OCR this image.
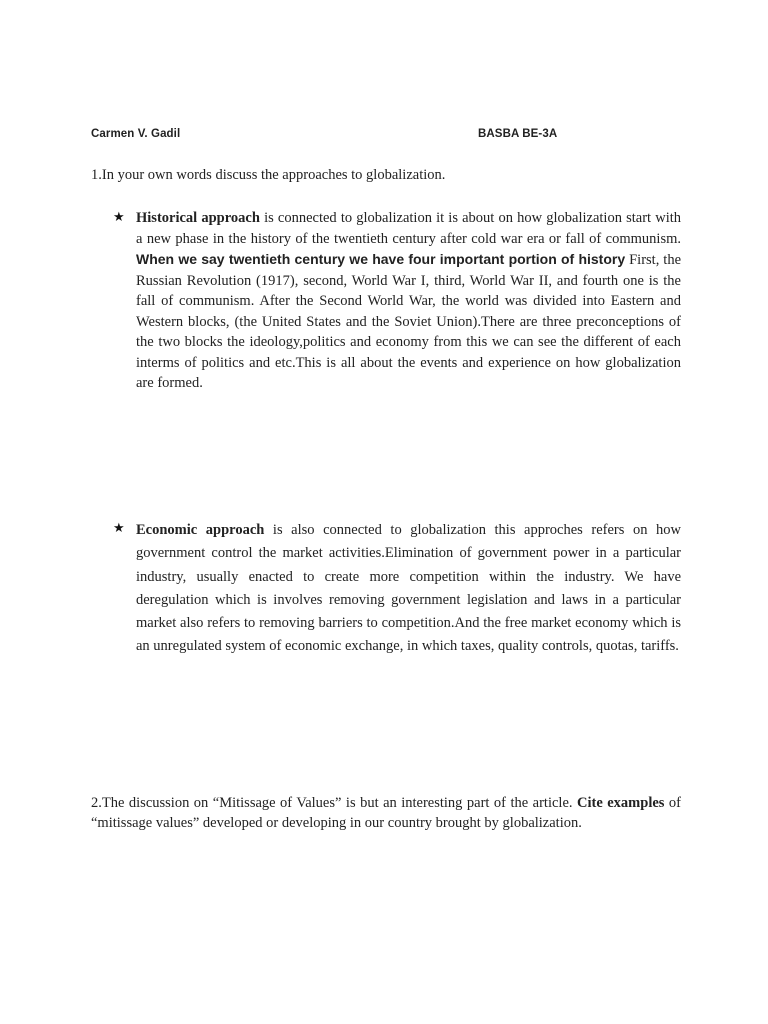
Carmen V. Gadil	BASBA BE-3A
1.In your own words discuss the approaches to globalization.
★ Historical approach is connected to globalization it is about on how globalization start with a new phase in the history of the twentieth century after cold war era or fall of communism. When we say twentieth century we have four important portion of history First, the Russian Revolution (1917), second, World War I, third, World War II, and fourth one is the fall of communism. After the Second World War, the world was divided into Eastern and Western blocks, (the United States and the Soviet Union).There are three preconceptions of the two blocks the ideology,politics and economy from this we can see the different of each interms of politics and etc.This is all about the events and experience on how globalization are formed.
★ Economic approach is also connected to globalization this approches refers on how government control the market activities.Elimination of government power in a particular industry, usually enacted to create more competition within the industry. We have deregulation which is involves removing government legislation and laws in a particular market also refers to removing barriers to competition.And the free market economy which is an unregulated system of economic exchange, in which taxes, quality controls, quotas, tariffs.
2.The discussion on “Mitissage of Values” is but an interesting part of the article. Cite examples of “mitissage values” developed or developing in our country brought by globalization.
